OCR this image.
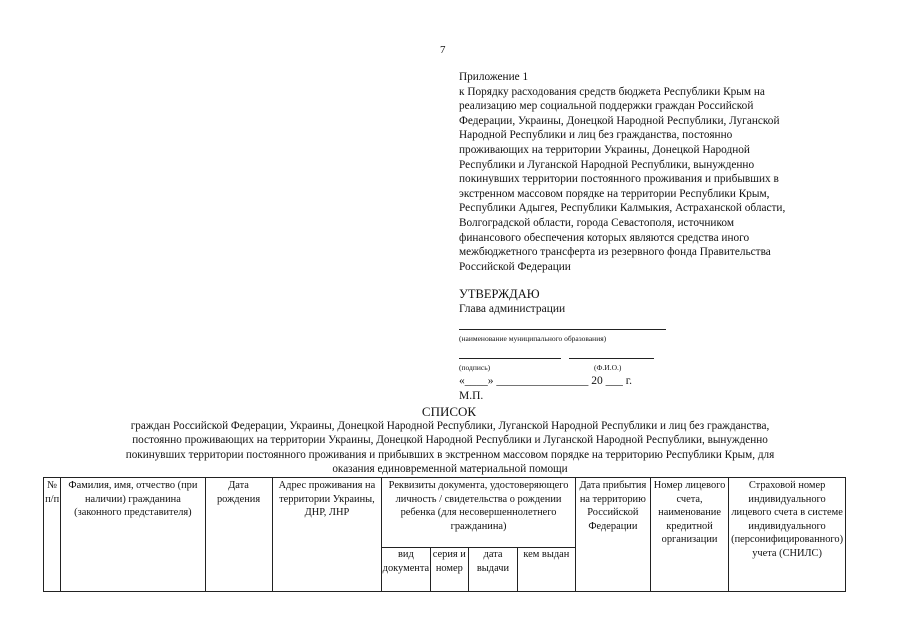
7
Приложение 1
к Порядку расходования средств бюджета Республики Крым на
реализацию мер социальной поддержки граждан Российской
Федерации, Украины, Донецкой Народной Республики, Луганской
Народной Республики и лиц без гражданства, постоянно
проживающих на территории Украины, Донецкой Народной
Республики и Луганской Народной Республики, вынужденно
покинувших территории постоянного проживания и прибывших в
экстренном массовом порядке на территории Республики Крым,
Республики Адыгея, Республики Калмыкия, Астраханской области,
Волгоградской области, города Севастополя, источником
финансового обеспечения которых являются средства иного
межбюджетного трансферта из резервного фонда Правительства
Российской Федерации
УТВЕРЖДАЮ
Глава администрации
(наименование муниципального образования)
(подпись)	(Ф.И.О.)
«____» ________________ 20 ___ г.
М.П.
СПИСОК
граждан Российской Федерации, Украины, Донецкой Народной Республики, Луганской Народной Республики и лиц без гражданства,
постоянно проживающих на территории Украины, Донецкой Народной Республики и Луганской Народной Республики, вынужденно
покинувших территории постоянного проживания и прибывших в экстренном массовом порядке на территорию Республики Крым, для
оказания единовременной материальной помощи
№ п/п	Фамилия, имя, отчество (при наличии) гражданина (законного представителя)	Дата рождения	Адрес проживания на территории Украины, ДНР, ЛНР	Реквизиты документа, удостоверяющего личность / свидетельства о рождении ребенка (для несовершеннолетнего гражданина)				Дата прибытия на территорию Российской Федерации	Номер лицевого счета, наименование кредитной организации	Страховой номер индивидуального лицевого счета в системе индивидуального (персонифицированного) учета (СНИЛС)
				вид документа	серия и номер	дата выдачи	кем выдан			
